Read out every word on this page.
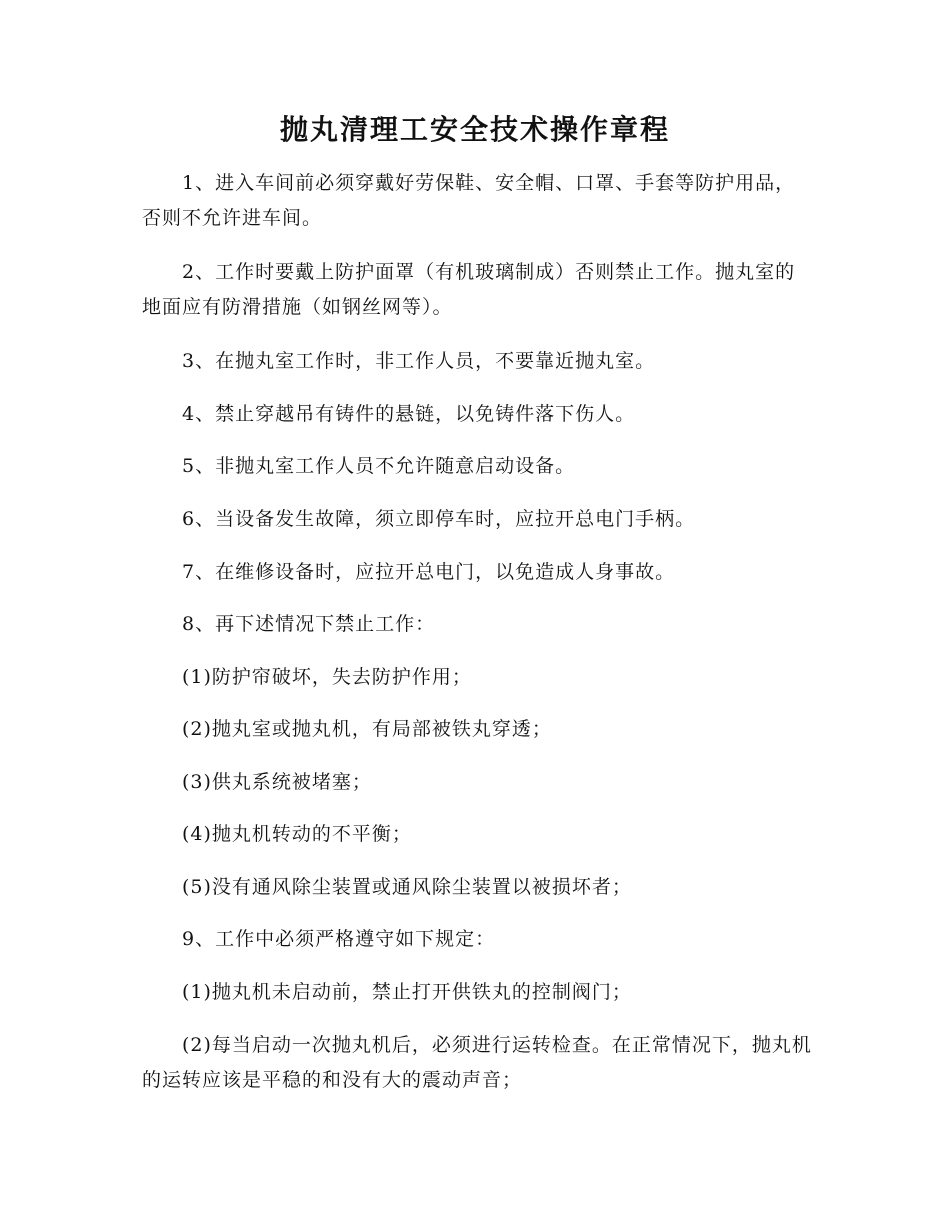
抛丸清理工安全技术操作章程

1、进入车间前必须穿戴好劳保鞋、安全帽、口罩、手套等防护用品，否则不允许进车间。

2、工作时要戴上防护面罩（有机玻璃制成）否则禁止工作。抛丸室的地面应有防滑措施（如钢丝网等）。

3、在抛丸室工作时，非工作人员，不要靠近抛丸室。

4、禁止穿越吊有铸件的悬链，以免铸件落下伤人。

5、非抛丸室工作人员不允许随意启动设备。

6、当设备发生故障，须立即停车时，应拉开总电门手柄。

7、在维修设备时，应拉开总电门，以免造成人身事故。

8、再下述情况下禁止工作：

(1)防护帘破坏，失去防护作用；

(2)抛丸室或抛丸机，有局部被铁丸穿透；

(3)供丸系统被堵塞；

(4)抛丸机转动的不平衡；

(5)没有通风除尘装置或通风除尘装置以被损坏者；

9、工作中必须严格遵守如下规定：

(1)抛丸机未启动前，禁止打开供铁丸的控制阀门；

(2)每当启动一次抛丸机后，必须进行运转检查。在正常情况下，抛丸机的运转应该是平稳的和没有大的震动声音；
